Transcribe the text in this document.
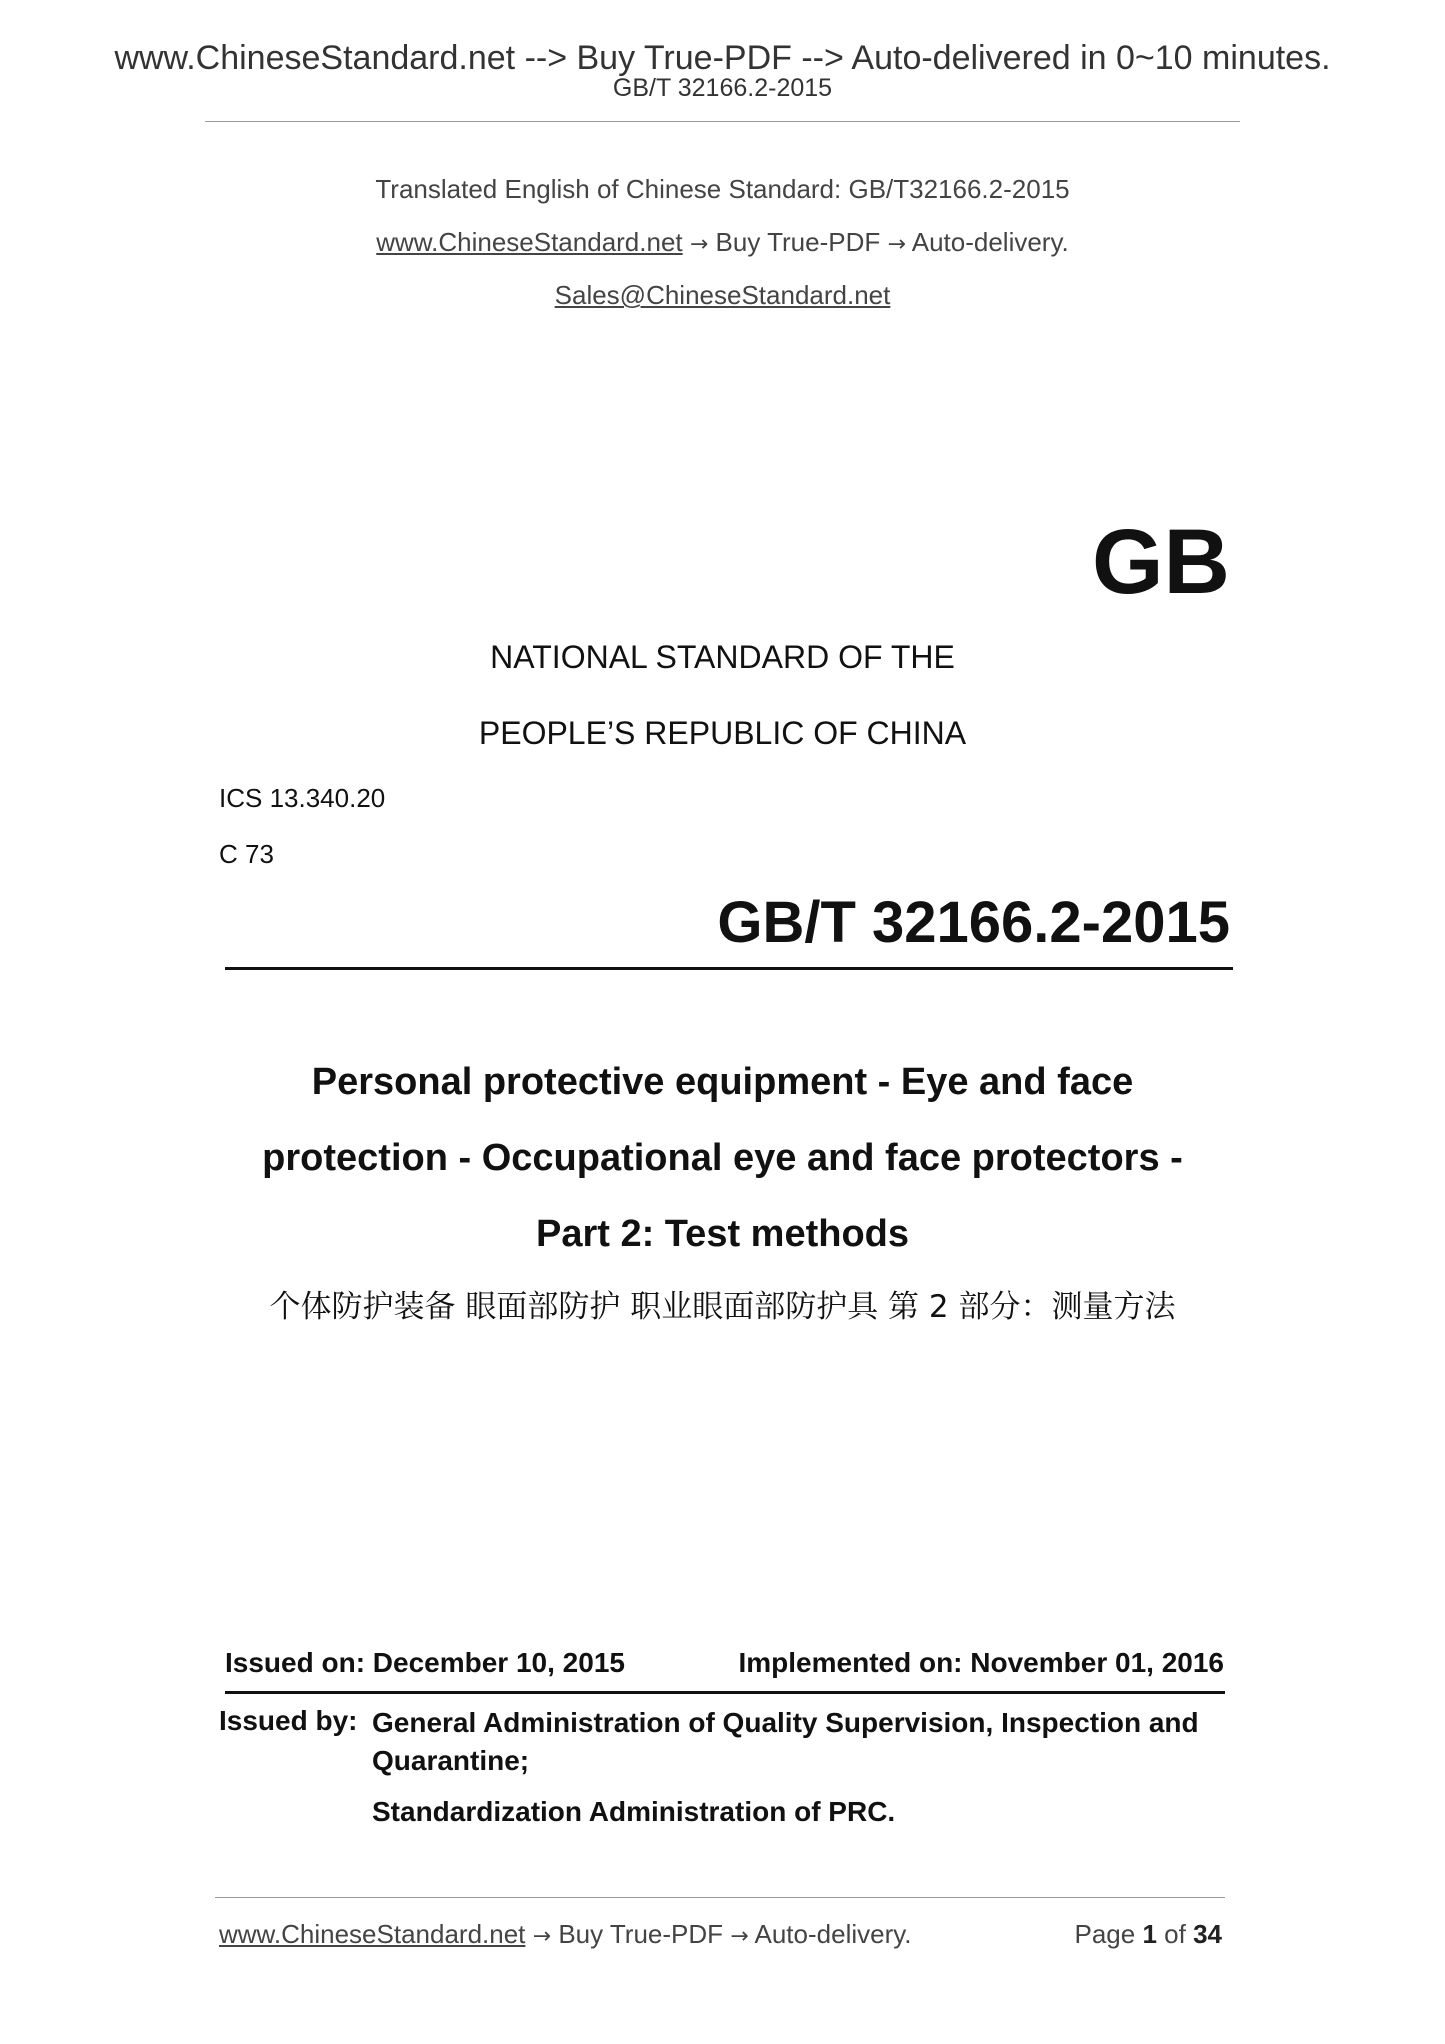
www.ChineseStandard.net --> Buy True-PDF --> Auto-delivered in 0~10 minutes.
GB/T 32166.2-2015
Translated English of Chinese Standard: GB/T32166.2-2015
www.ChineseStandard.net → Buy True-PDF → Auto-delivery.
Sales@ChineseStandard.net
GB
NATIONAL STANDARD OF THE
PEOPLE’S REPUBLIC OF CHINA
ICS 13.340.20
C 73
GB/T 32166.2-2015
Personal protective equipment - Eye and face
protection - Occupational eye and face protectors -
Part 2: Test methods
个体防护装备 眼面部防护 职业眼面部防护具 第 2 部分：测量方法
Issued on: December 10, 2015	Implemented on: November 01, 2016
Issued by: General Administration of Quality Supervision, Inspection and Quarantine;
Standardization Administration of PRC.
www.ChineseStandard.net → Buy True-PDF → Auto-delivery.	Page 1 of 34
